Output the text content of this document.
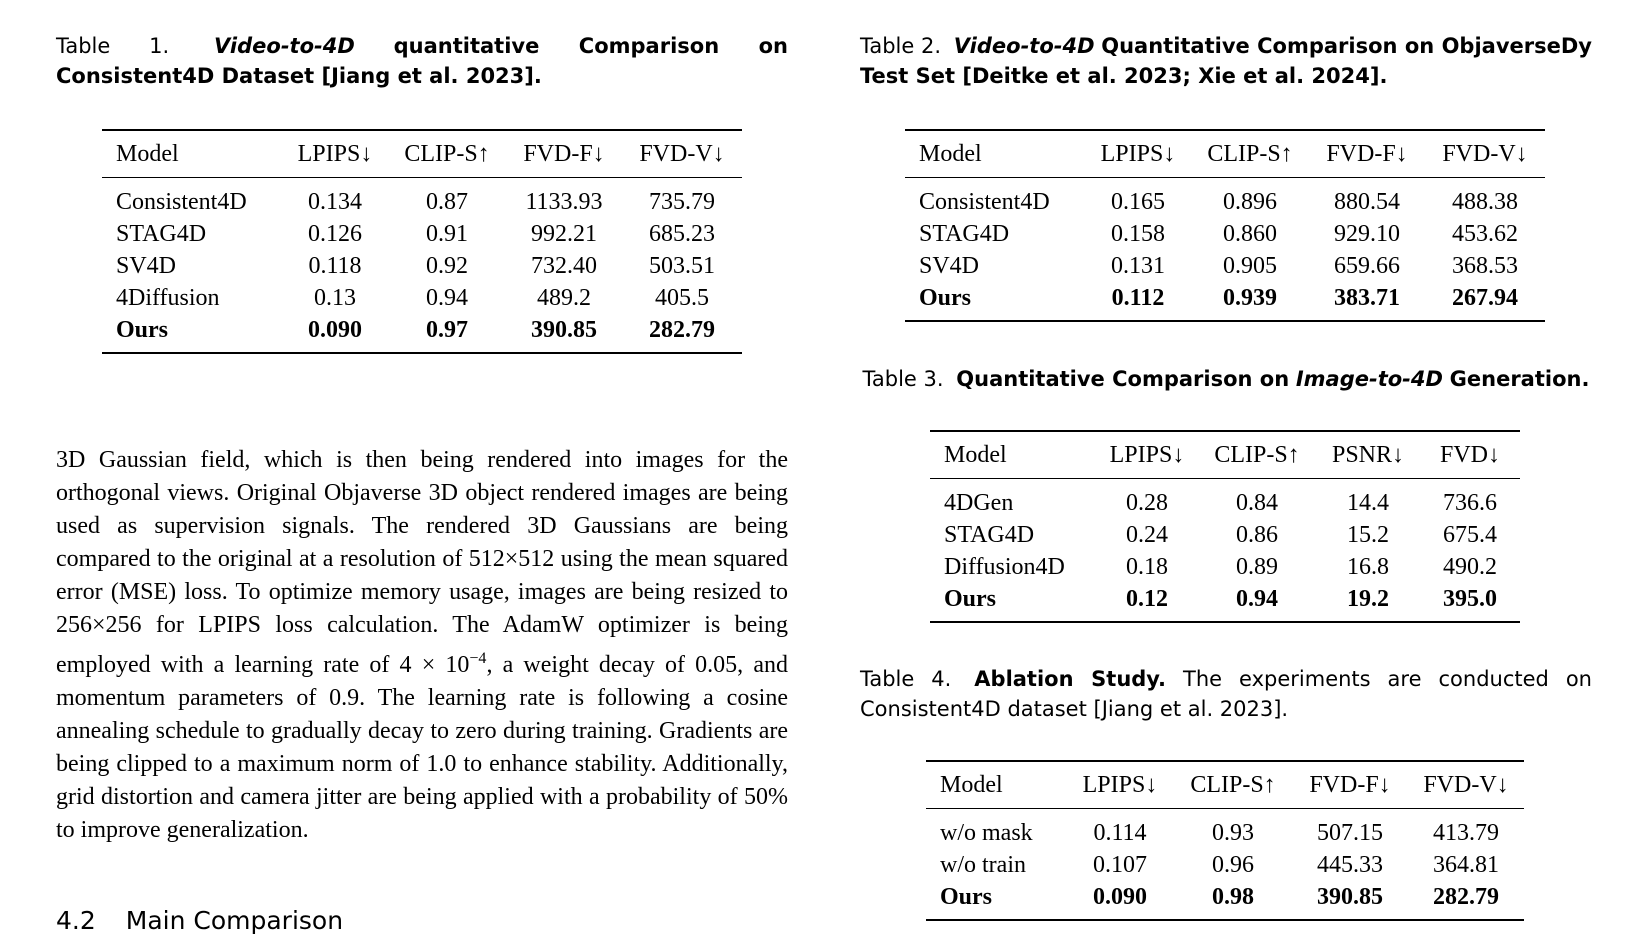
Table 1. Video-to-4D quantitative Comparison on Consistent4D Dataset [Jiang et al. 2023].
Model	LPIPS↓	CLIP-S↑	FVD-F↓	FVD-V↓
Consistent4D	0.134	0.87	1133.93	735.79
STAG4D	0.126	0.91	992.21	685.23
SV4D	0.118	0.92	732.40	503.51
4Diffusion	0.13	0.94	489.2	405.5
Ours	0.090	0.97	390.85	282.79
Table 2. Video-to-4D Quantitative Comparison on ObjaverseDy Test Set [Deitke et al. 2023; Xie et al. 2024].
Model	LPIPS↓	CLIP-S↑	FVD-F↓	FVD-V↓
Consistent4D	0.165	0.896	880.54	488.38
STAG4D	0.158	0.860	929.10	453.62
SV4D	0.131	0.905	659.66	368.53
Ours	0.112	0.939	383.71	267.94
Table 3. Quantitative Comparison on Image-to-4D Generation.
Model	LPIPS↓	CLIP-S↑	PSNR↓	FVD↓
4DGen	0.28	0.84	14.4	736.6
STAG4D	0.24	0.86	15.2	675.4
Diffusion4D	0.18	0.89	16.8	490.2
Ours	0.12	0.94	19.2	395.0
Table 4. Ablation Study. The experiments are conducted on Consistent4D dataset [Jiang et al. 2023].
Model	LPIPS↓	CLIP-S↑	FVD-F↓	FVD-V↓
w/o mask	0.114	0.93	507.15	413.79
w/o train	0.107	0.96	445.33	364.81
Ours	0.090	0.98	390.85	282.79

3D Gaussian field, which is then being rendered into images for the orthogonal views. Original Objaverse 3D object rendered images are being used as supervision signals. The rendered 3D Gaussians are being compared to the original at a resolution of 512×512 using the mean squared error (MSE) loss. To optimize memory usage, images are being resized to 256×256 for LPIPS loss calculation. The AdamW optimizer is being employed with a learning rate of $4 \times 10^{-4}$, a weight decay of 0.05, and momentum parameters of 0.9. The learning rate is following a cosine annealing schedule to gradually decay to zero during training. Gradients are being clipped to a maximum norm of 1.0 to enhance stability. Additionally, grid distortion and camera jitter are being applied with a probability of 50% to improve generalization.

4.2 Main Comparison
